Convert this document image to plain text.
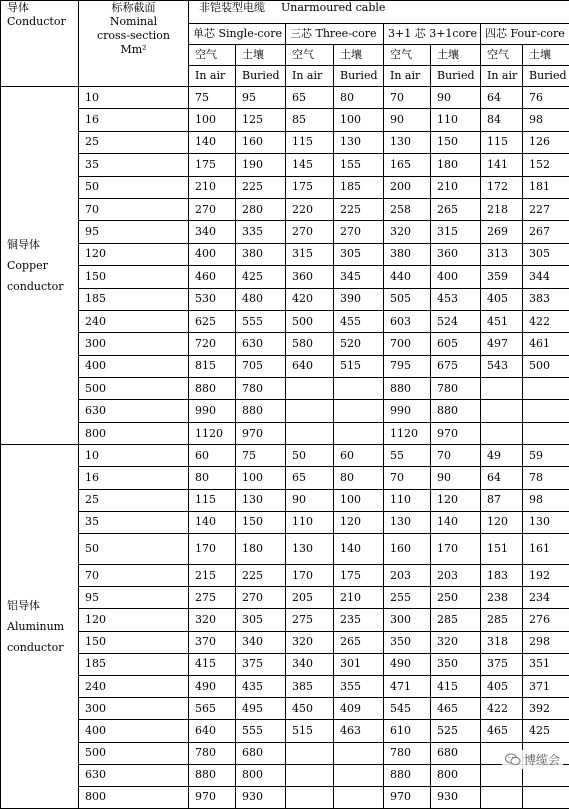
导体
Conductor	标称截面
Nominal
cross-section
Mm²	非铠装型电缆 Unarmoured cable							
		单芯 Single-core		三芯 Three-core		3+1 芯 3+1core		四芯 Four-core	
		空气	土壤	空气	土壤	空气	土壤	空气	土壤
		In air	Buried	In air	Buried	In air	Buried	In air	Buried
铜导体
Copper
conductor	10	75	95	65	80	70	90	64	76
	16	100	125	85	100	90	110	84	98
	25	140	160	115	130	130	150	115	126
	35	175	190	145	155	165	180	141	152
	50	210	225	175	185	200	210	172	181
	70	270	280	220	225	258	265	218	227
	95	340	335	270	270	320	315	269	267
	120	400	380	315	305	380	360	313	305
	150	460	425	360	345	440	400	359	344
	185	530	480	420	390	505	453	405	383
	240	625	555	500	455	603	524	451	422
	300	720	630	580	520	700	605	497	461
	400	815	705	640	515	795	675	543	500
	500	880	780			880	780		
	630	990	880			990	880		
	800	1120	970			1120	970		
铝导体
Aluminum
conductor	10	60	75	50	60	55	70	49	59
	16	80	100	65	80	70	90	64	78
	25	115	130	90	100	110	120	87	98
	35	140	150	110	120	130	140	120	130
	50	170	180	130	140	160	170	151	161
	70	215	225	170	175	203	203	183	192
	95	275	270	205	210	255	250	238	234
	120	320	305	275	235	300	285	285	276
	150	370	340	320	265	350	320	318	298
	185	415	375	340	301	490	350	375	351
	240	490	435	385	355	471	415	405	371
	300	565	495	450	409	545	465	422	392
	400	640	555	515	463	610	525	465	425
	500	780	680			780	680		
	630	880	800			880	800		
	800	970	930			970	930		
博缆会
